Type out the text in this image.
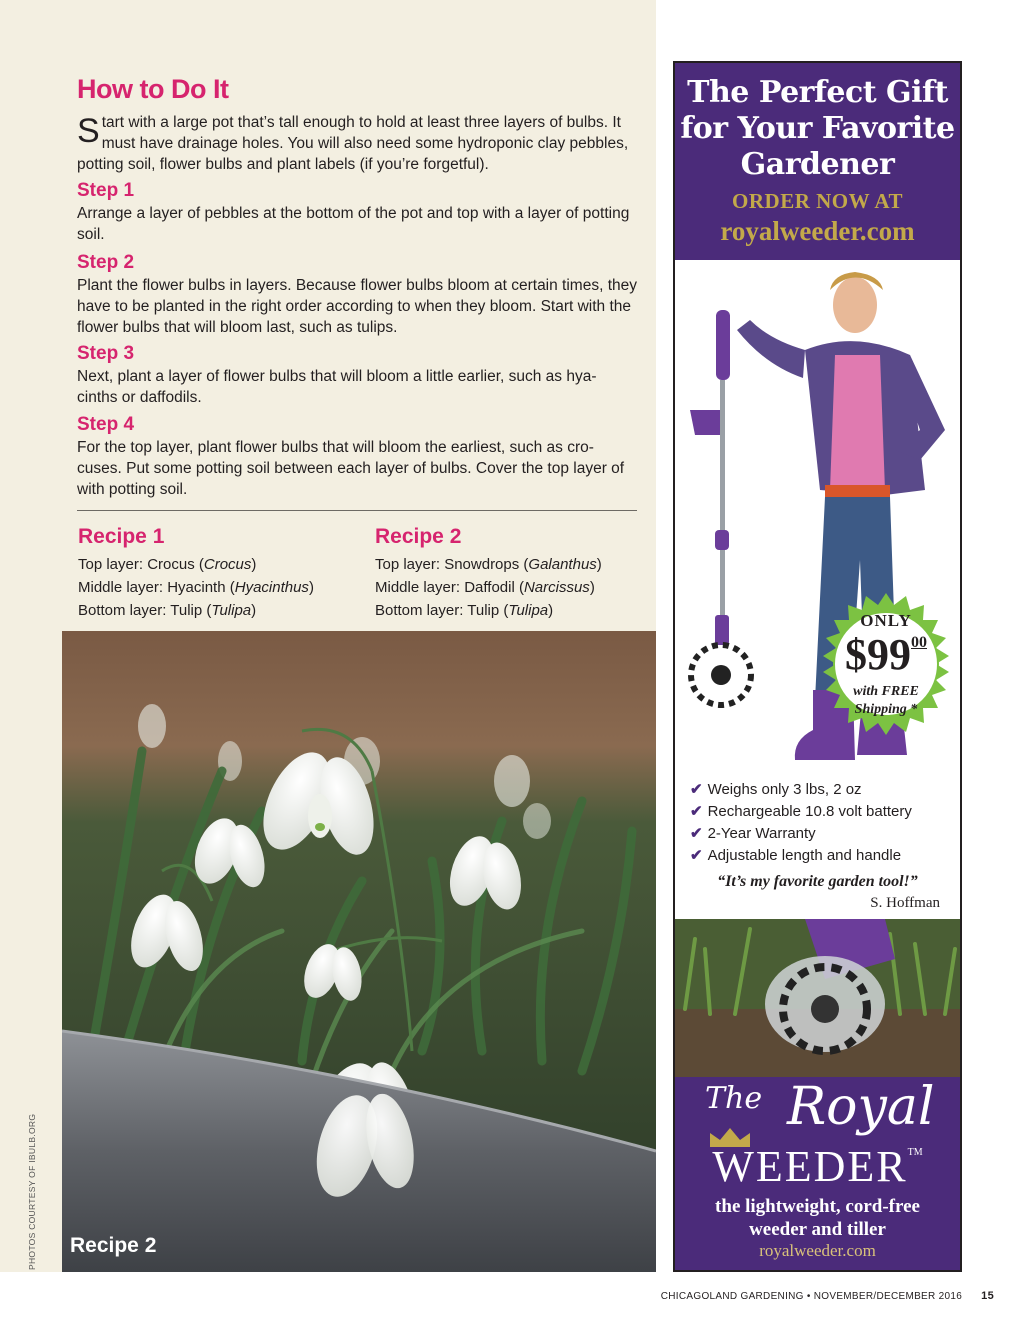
How to Do It

Start with a large pot that’s tall enough to hold at least three layers of bulbs. It must have drainage holes. You will also need some hydroponic clay pebbles, potting soil, flower bulbs and plant labels (if you’re forgetful).

Step 1

Arrange a layer of pebbles at the bottom of the pot and top with a layer of potting soil.

Step 2

Plant the flower bulbs in layers. Because flower bulbs bloom at certain times, they have to be planted in the right order according to when they bloom. Start with the flower bulbs that will bloom last, such as tulips.

Step 3

Next, plant a layer of flower bulbs that will bloom a little earlier, such as hya- cinths or daffodils.

Step 4

For the top layer, plant flower bulbs that will bloom the earliest, such as cro- cuses. Put some potting soil between each layer of bulbs. Cover the top layer of with potting soil.

Recipe 1
Top layer: Crocus (Crocus)
Middle layer: Hyacinth (Hyacinthus)
Bottom layer: Tulip (Tulipa)
Recipe 2
Top layer: Snowdrops (Galanthus)
Middle layer: Daffodil (Narcissus)
Bottom layer: Tulip (Tulipa)
Recipe 2
PHOTOS COURTESY OF IBULB.ORG
The Perfect Gift
for Your Favorite
Gardener
ORDER NOW AT
royalweeder.com
ONLY
$\$99^{00}$
with FREE
Shipping *
✔ Weighs only 3 lbs, 2 oz
✔ Rechargeable 10.8 volt battery
✔ 2-Year Warranty
✔ Adjustable length and handle
“It’s my favorite garden tool!”
S. Hoffman
The Royal
WEEDER™
the lightweight, cord-free
weeder and tiller
royalweeder.com
CHICAGOLAND GARDENING • NOVEMBER/DECEMBER 2016 15
